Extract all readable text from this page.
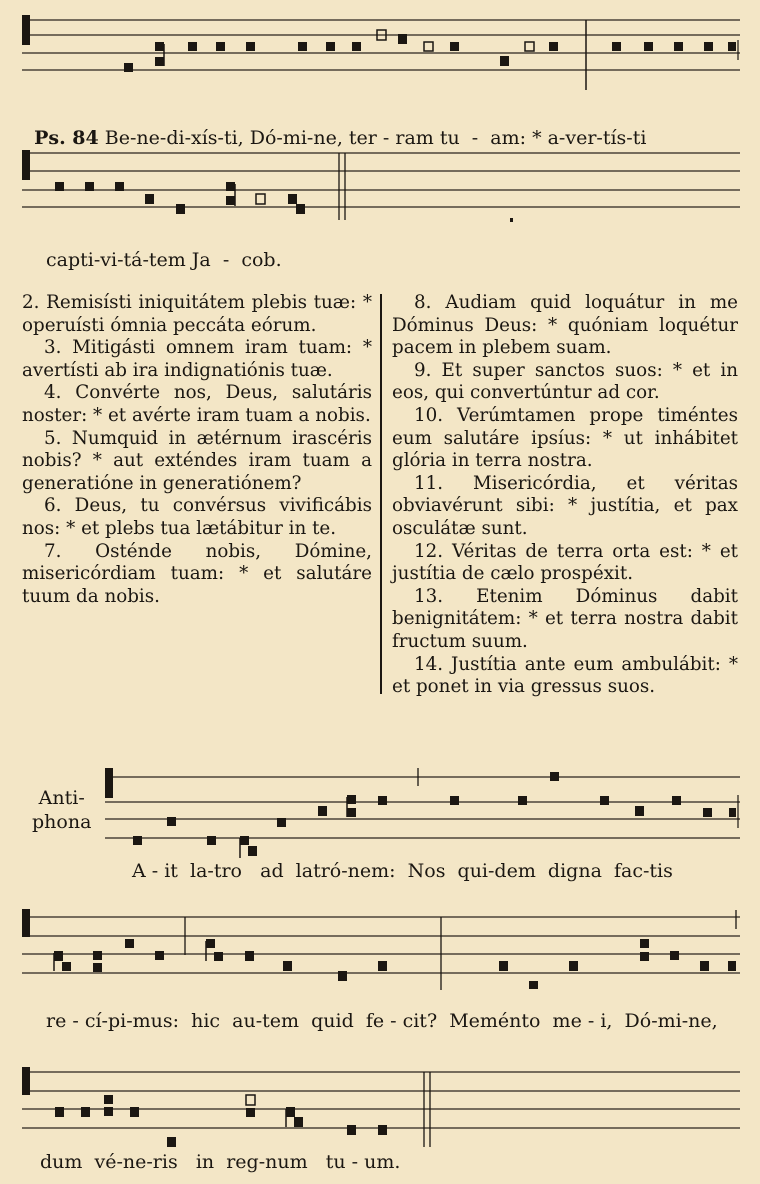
Ps. 84 Be-ne-di-xís-ti, Dó-mi-ne, ter - ram tu  -  am: * a-ver-tís-ti

capti-vi-tá-tem Ja  -  cob.

2. Remisísti iniquitátem plebis tuæ: * operuísti ómnia peccáta eórum.

3. Mitigásti omnem iram tuam: * avertísti ab ira indignatiónis tuæ.

4. Convérte nos, Deus, salutáris noster: * et avérte iram tuam a nobis.

5. Numquid in ætérnum irascéris nobis? * aut exténdes iram tuam a generatióne in generatiónem?

6. Deus, tu convérsus vivificábis nos: * et plebs tua lætábitur in te.

7. Osténde nobis, Dómine, misericórdiam tuam: * et salutáre tuum da nobis.

8. Audiam quid loquátur in me Dóminus Deus: * quóniam loquétur pacem in plebem suam.

9. Et super sanctos suos: * et in eos, qui convertúntur ad cor.

10. Verúmtamen prope timéntes eum salutáre ipsíus: * ut inhábitet glória in terra nostra.

11. Misericórdia, et véritas obviavérunt sibi: * justítia, et pax osculátæ sunt.

12. Véritas de terra orta est: * et justítia de cælo prospéxit.

13. Etenim Dóminus dabit benignitátem: * et terra nostra dabit fructum suum.

14. Justítia ante eum ambulábit: * et ponet in via gressus suos.

Anti-
phona
A - it  la-tro   ad  latró-nem:  Nos  qui-dem  digna  fac-tis
re - cí-pi-mus:  hic  au-tem  quid  fe - cit?  Meménto  me - i,  Dó-mi-ne,
dum  vé-ne-ris   in  reg-num   tu - um.
